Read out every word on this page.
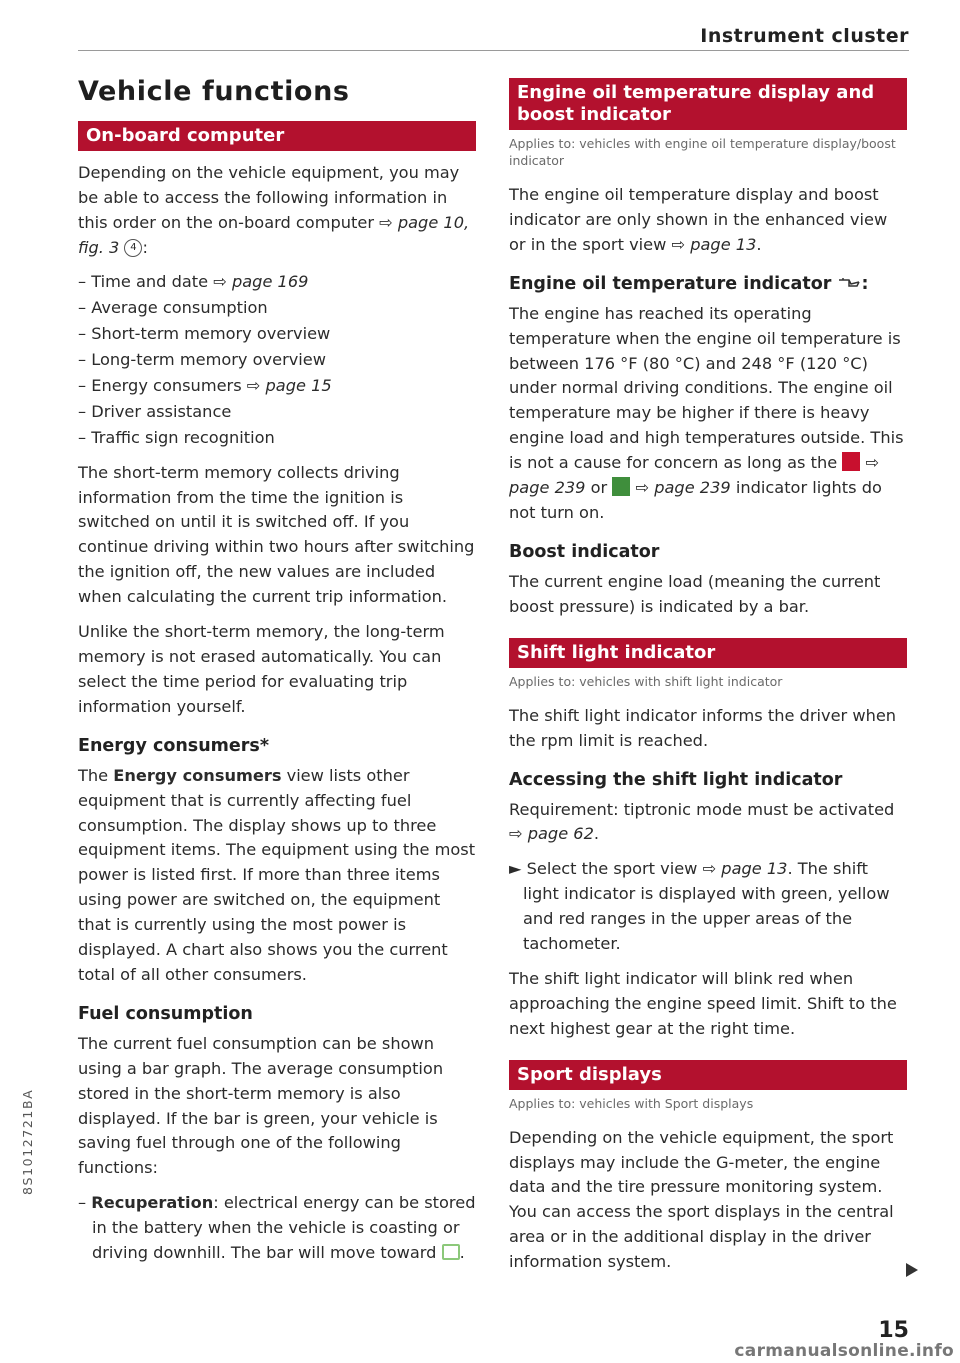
Instrument cluster
Vehicle functions
On-board computer

Depending on the vehicle equipment, you may be able to access the following information in this order on the on-board computer ⇨ page 10, fig. 3 4 :

– Time and date ⇨ page 169
– Average consumption
– Short-term memory overview
– Long-term memory overview
– Energy consumers ⇨ page 15
– Driver assistance
– Traffic sign recognition

The short-term memory collects driving information from the time the ignition is switched on until it is switched off. If you continue driving within two hours after switching the ignition off, the new values are included when calculating the current trip information.

Unlike the short-term memory, the long-term memory is not erased automatically. You can select the time period for evaluating trip information yourself.

Energy consumers*

The Energy consumers view lists other equipment that is currently affecting fuel consumption. The display shows up to three equipment items. The equipment using the most power is listed first. If more than three items using power are switched on, the equipment that is currently using the most power is displayed. A chart also shows you the current total of all other consumers.

Fuel consumption

The current fuel consumption can be shown using a bar graph. The average consumption stored in the short-term memory is also displayed. If the bar is green, your vehicle is saving fuel through one of the following functions:

– Recuperation: electrical energy can be stored in the battery when the vehicle is coasting or driving downhill. The bar will move toward .

Engine oil temperature display and boost indicator
Applies to: vehicles with engine oil temperature display/boost indicator

The engine oil temperature display and boost indicator are only shown in the enhanced view or in the sport view ⇨ page 13.

Engine oil temperature indicator :

The engine has reached its operating temperature when the engine oil temperature is between 176 °F (80 °C) and 248 °F (120 °C) under normal driving conditions. The engine oil temperature may be higher if there is heavy engine load and high temperatures outside. This is not a cause for concern as long as the  ⇨ page 239 or  ⇨ page 239 indicator lights do not turn on.

Boost indicator

The current engine load (meaning the current boost pressure) is indicated by a bar.

Shift light indicator
Applies to: vehicles with shift light indicator

The shift light indicator informs the driver when the rpm limit is reached.

Accessing the shift light indicator

Requirement: tiptronic mode must be activated ⇨ page 62.

► Select the sport view ⇨ page 13. The shift light indicator is displayed with green, yellow and red ranges in the upper areas of the tachometer.

The shift light indicator will blink red when approaching the engine speed limit. Shift to the next highest gear at the right time.

Sport displays
Applies to: vehicles with Sport displays

Depending on the vehicle equipment, the sport displays may include the G-meter, the engine data and the tire pressure monitoring system. You can access the sport displays in the central area or in the additional display in the driver information system.

15
8S1012721BA
carmanualsonline.info
